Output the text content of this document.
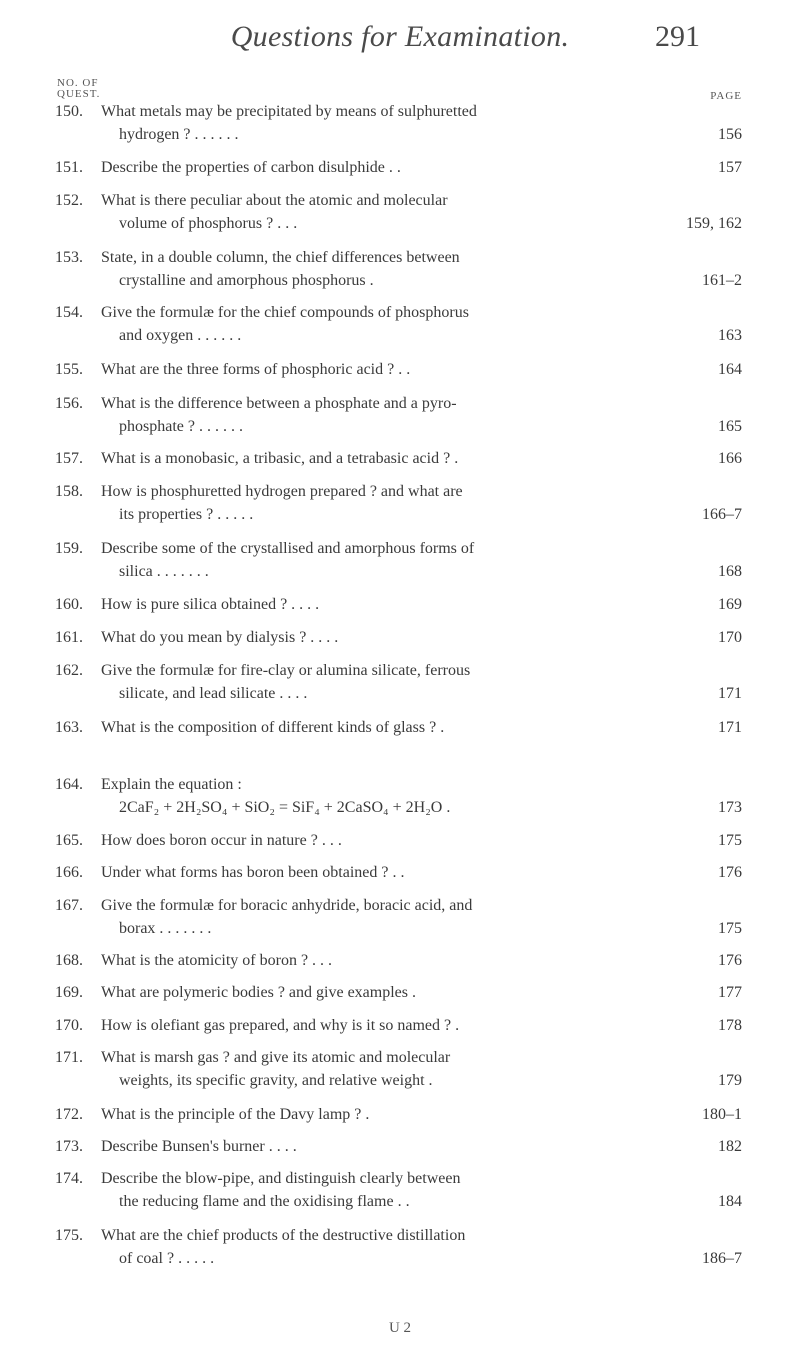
Questions for Examination.	291
NO. OF
QUEST.	PAGE
150. What metals may be precipitated by means of sulphuretted
hydrogen ? . . . . . .	156
151. Describe the properties of carbon disulphide . .	157
152. What is there peculiar about the atomic and molecular
volume of phosphorus ? . . .	159, 162
153. State, in a double column, the chief differences between
crystalline and amorphous phosphorus .	161–2
154. Give the formulæ for the chief compounds of phosphorus
and oxygen . . . . . .	163
155. What are the three forms of phosphoric acid ? . .	164
156. What is the difference between a phosphate and a pyro-
phosphate ? . . . . . .	165
157. What is a monobasic, a tribasic, and a tetrabasic acid ? .	166
158. How is phosphuretted hydrogen prepared ? and what are
its properties ? . . . . .	166–7
159. Describe some of the crystallised and amorphous forms of
silica . . . . . . .	168
160. How is pure silica obtained ? . . . .	169
161. What do you mean by dialysis ? . . . .	170
162. Give the formulæ for fire-clay or alumina silicate, ferrous
silicate, and lead silicate . . . .	171
163. What is the composition of different kinds of glass ? .	171
164. Explain the equation :
2CaF₂ + 2H₂SO₄ + SiO₂ = SiF₄ + 2CaSO₄ + 2H₂O .	173
165. How does boron occur in nature ? . . .	175
166. Under what forms has boron been obtained ? . .	176
167. Give the formulæ for boracic anhydride, boracic acid, and
borax . . . . . . .	175
168. What is the atomicity of boron ? . . .	176
169. What are polymeric bodies ? and give examples .	177
170. How is olefiant gas prepared, and why is it so named ? .	178
171. What is marsh gas ? and give its atomic and molecular
weights, its specific gravity, and relative weight .	179
172. What is the principle of the Davy lamp ? .	180–1
173. Describe Bunsen's burner . . . .	182
174. Describe the blow-pipe, and distinguish clearly between
the reducing flame and the oxidising flame . .	184
175. What are the chief products of the destructive distillation
of coal ? . . . . .	186–7
U 2
